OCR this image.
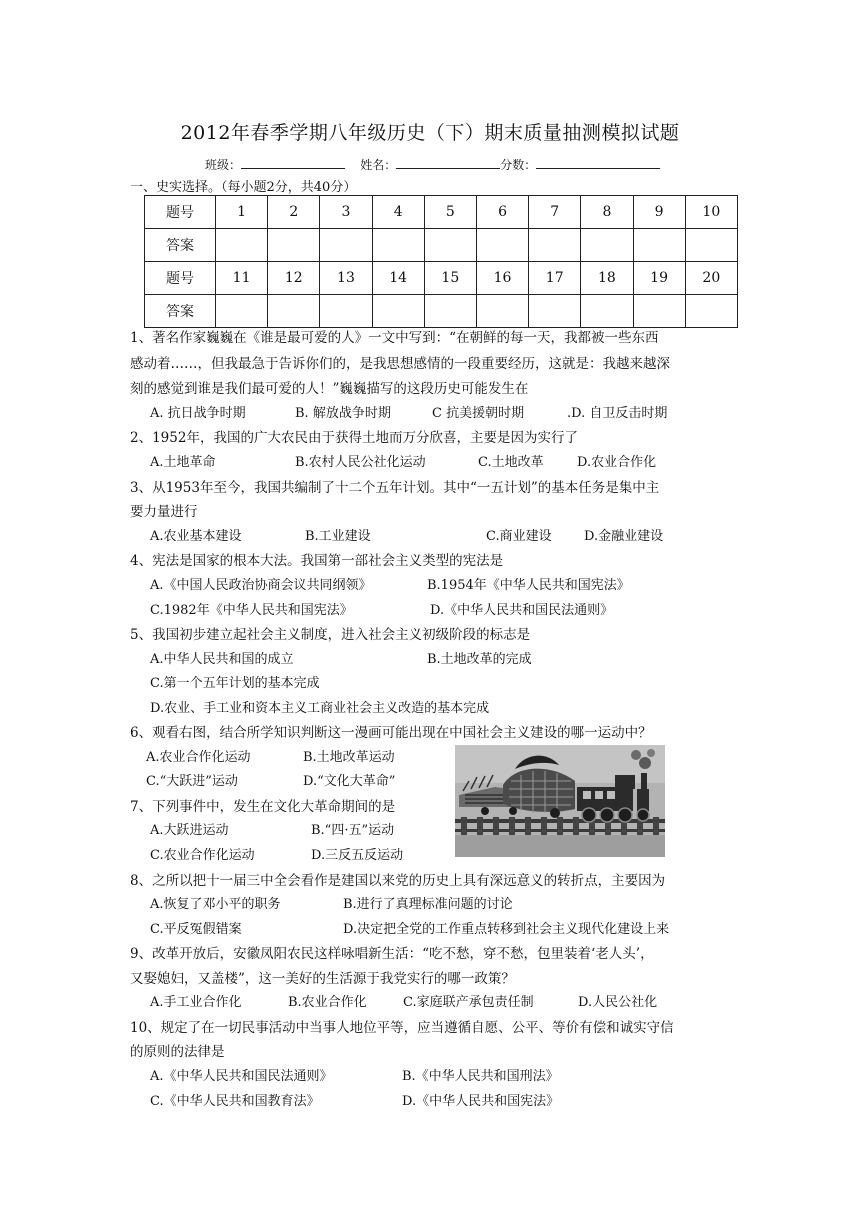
2012年春季学期八年级历史（下）期末质量抽测模拟试题
班级：	姓名：	分数：
一、史实选择。（每小题2分，共40分）
题号	1	2	3	4	5	6	7	8	9	10
答案										
题号	11	12	13	14	15	16	17	18	19	20
答案										
1、著名作家巍巍在《谁是最可爱的人》一文中写到：“在朝鲜的每一天，我都被一些东西
感动着……，但我最急于告诉你们的，是我思想感情的一段重要经历，这就是：我越来越深
刻的感觉到谁是我们最可爱的人！”巍巍描写的这段历史可能发生在
A. 抗日战争时期	B. 解放战争时期	C 抗美援朝时期	.D. 自卫反击时期
2、1952年，我国的广大农民由于获得土地而万分欣喜，主要是因为实行了
A.土地革命	B.农村人民公社化运动	C.土地改革	D.农业合作化
3、从1953年至今，我国共编制了十二个五年计划。其中“一五计划”的基本任务是集中主
要力量进行
A.农业基本建设	B.工业建设	C.商业建设 D.金融业建设
4、宪法是国家的根本大法。我国第一部社会主义类型的宪法是
A.《中国人民政治协商会议共同纲领》	B.1954年《中华人民共和国宪法》
C.1982年《中华人民共和国宪法》	D.《中华人民共和国民法通则》
5、我国初步建立起社会主义制度，进入社会主义初级阶段的标志是
A.中华人民共和国的成立	B.土地改革的完成
C.第一个五年计划的基本完成
D.农业、手工业和资本主义工商业社会主义改造的基本完成
6、观看右图，结合所学知识判断这一漫画可能出现在中国社会主义建设的哪一运动中？
A.农业合作化运动	B.土地改革运动
C.“大跃进”运动	D.“文化大革命”
7、下列事件中，发生在文化大革命期间的是
A.大跃进运动	B.“四·五”运动
C.农业合作化运动	D.三反五反运动
8、之所以把十一届三中全会看作是建国以来党的历史上具有深远意义的转折点，主要因为
A.恢复了邓小平的职务	B.进行了真理标准问题的讨论
C.平反冤假错案	D.决定把全党的工作重点转移到社会主义现代化建设上来
9、改革开放后，安徽凤阳农民这样咏唱新生活：“吃不愁，穿不愁，包里装着‘老人头’，
又娶媳妇，又盖楼”，这一美好的生活源于我党实行的哪一政策？
A.手工业合作化	B.农业合作化	C.家庭联产承包责任制	D.人民公社化
10、规定了在一切民事活动中当事人地位平等，应当遵循自愿、公平、等价有偿和诚实守信
的原则的法律是
A.《中华人民共和国民法通则》	B.《中华人民共和国刑法》
C.《中华人民共和国教育法》	D.《中华人民共和国宪法》
